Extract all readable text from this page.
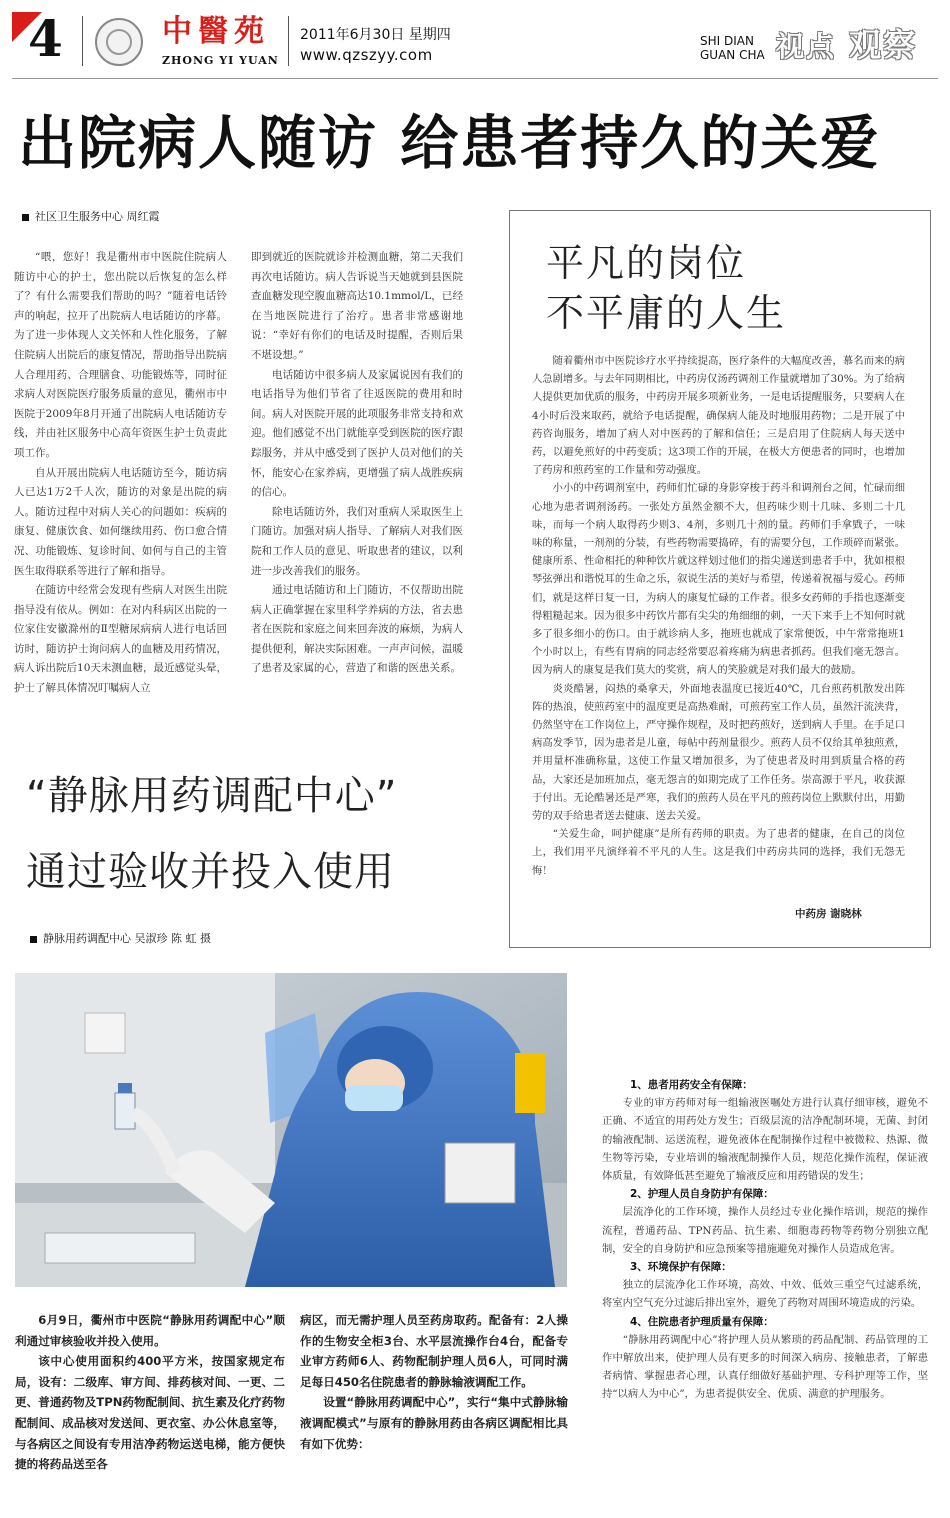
4	中醫苑
ZHONG YI YUAN
2011年6月30日 星期四
www.qzszyy.com
SHI DIAN
GUAN CHA 视点 观察
出院病人随访 给患者持久的关爱
社区卫生服务中心 周红霞

“喂，您好！我是衢州市中医院住院病人随访中心的护士，您出院以后恢复的怎么样了？有什么需要我们帮助的吗？”随着电话铃声的响起，拉开了出院病人电话随访的序幕。为了进一步体现人文关怀和人性化服务，了解住院病人出院后的康复情况，帮助指导出院病人合理用药、合理膳食、功能锻炼等，同时征求病人对医院医疗服务质量的意见，衢州市中医院于2009年8月开通了出院病人电话随访专线，并由社区服务中心高年资医生护士负责此项工作。

自从开展出院病人电话随访至今，随访病人已达1万2千人次，随访的对象是出院的病人。随访过程中对病人关心的问题如：疾病的康复、健康饮食、如何继续用药、伤口愈合情况、功能锻炼、复诊时间、如何与自己的主管医生取得联系等进行了解和指导。

在随访中经常会发现有些病人对医生出院指导没有依从。例如：在对内科病区出院的一位家住安徽滁州的Ⅱ型糖尿病病人进行电话回访时，随访护士询问病人的血糖及用药情况，病人诉出院后10天未测血糖，最近感觉头晕，护士了解具体情况叮嘱病人立

即到就近的医院就诊并检测血糖，第二天我们再次电话随访。病人告诉说当天她就到县医院查血糖发现空腹血糖高达10.1mmol/L，已经在当地医院进行了治疗。患者非常感谢地说：“幸好有你们的电话及时提醒，否则后果不堪设想。”

电话随访中很多病人及家属说因有我们的电话指导为他们节省了往返医院的费用和时间。病人对医院开展的此项服务非常支持和欢迎。他们感觉不出门就能享受到医院的医疗跟踪服务，并从中感受到了医护人员对他们的关怀，能安心在家养病，更增强了病人战胜疾病的信心。

除电话随访外，我们对重病人采取医生上门随访。加强对病人指导、了解病人对我们医院和工作人员的意见、听取患者的建议，以利进一步改善我们的服务。

通过电话随访和上门随访，不仅帮助出院病人正确掌握在家里科学养病的方法，省去患者在医院和家庭之间来回奔波的麻烦，为病人提供便利，解决实际困难。一声声问候，温暖了患者及家属的心，营造了和谐的医患关系。

平凡的岗位
不平庸的人生

随着衢州市中医院诊疗水平持续提高，医疗条件的大幅度改善，慕名而来的病人急剧增多。与去年同期相比，中药房仅汤药调剂工作量就增加了30%。为了给病人提供更加优质的服务，中药房开展多项新业务，一是电话提醒服务，只要病人在4小时后没来取药，就给予电话提醒，确保病人能及时地服用药物；二是开展了中药咨询服务，增加了病人对中医药的了解和信任；三是启用了住院病人每天送中药，以避免煎好的中药变质；这3项工作的开展，在极大方便患者的同时，也增加了药房和煎药室的工作量和劳动强度。

小小的中药调剂室中，药师们忙碌的身影穿梭于药斗和调剂台之间，忙碌而细心地为患者调剂汤药。一张处方虽然金额不大，但药味少则十几味、多则二十几味，而每一个病人取得药少则3、4剂，多则几十剂的量。药师们手拿戥子，一味味的称量，一剂剂的分装，有些药物需要捣碎，有的需要分包，工作琐碎而紧张。健康所系、性命相托的种种饮片就这样划过他们的指尖递送到患者手中，犹如根根琴弦弹出和谐悦耳的生命之乐，叙说生活的美好与希望，传递着祝福与爱心。药师们，就是这样日复一日，为病人的康复忙碌的工作者。很多女药师的手指也逐渐变得粗糙起来。因为很多中药饮片都有尖尖的角细细的刺，一天下来手上不知何时就多了很多细小的伤口。由于就诊病人多，拖班也就成了家常便饭，中午常常拖班1个小时以上，有些有胃病的同志经常要忍着疼痛为病患者抓药。但我们毫无怨言。因为病人的康复是我们莫大的奖赏，病人的笑脸就是对我们最大的鼓励。

炎炎酷暑，闷热的桑拿天，外面地表温度已接近40℃，几台煎药机散发出阵阵的热浪，使煎药室中的温度更是高热难耐，可煎药室工作人员，虽然汗流浃背，仍然坚守在工作岗位上，严守操作规程，及时把药煎好，送到病人手里。在手足口病高发季节，因为患者是儿童，每帖中药剂量很少。煎药人员不仅给其单独煎煮，并用量杯准确称量，这使工作量又增加很多，为了使患者及时用到质量合格的药品，大家还是加班加点，毫无怨言的如期完成了工作任务。崇高源于平凡，收获源于付出。无论酷暑还是严寒，我们的煎药人员在平凡的煎药岗位上默默付出，用勤劳的双手给患者送去健康、送去关爱。

“关爱生命，呵护健康”是所有药师的职责。为了患者的健康，在自己的岗位上，我们用平凡演绎着不平凡的人生。这是我们中药房共同的选择，我们无怨无悔！

中药房 谢晓林
“静脉用药调配中心”
通过验收并投入使用
静脉用药调配中心 吴淑珍 陈 虹 摄

6月9日，衢州市中医院“静脉用药调配中心”顺利通过审核验收并投入使用。

该中心使用面积约400平方米，按国家规定布局，设有：二级库、审方间、排药核对间、一更、二更、普通药物及TPN药物配制间、抗生素及化疗药物配制间、成品核对发送间、更衣室、办公休息室等，与各病区之间设有专用洁净药物运送电梯，能方便快捷的将药品送至各

病区，而无需护理人员至药房取药。配备有：2人操作的生物安全柜3台、水平层流操作台4台，配备专业审方药师6人、药物配制护理人员6人，可同时满足每日450名住院患者的静脉输液调配工作。

设置“静脉用药调配中心”，实行“集中式静脉输液调配模式”与原有的静脉用药由各病区调配相比具有如下优势：

1、患者用药安全有保障：

专业的审方药师对每一组输液医嘱处方进行认真仔细审核，避免不正确、不适宜的用药处方发生；百级层流的洁净配制环境，无菌、封闭的输液配制、运送流程，避免液体在配制操作过程中被微粒、热源、微生物等污染，专业培训的输液配制操作人员，规范化操作流程，保证液体质量，有效降低甚至避免了输液反应和用药错误的发生；

2、护理人员自身防护有保障：

层流净化的工作环境，操作人员经过专业化操作培训，规范的操作流程，普通药品、TPN药品、抗生素、细胞毒药物等药物分别独立配制，安全的自身防护和应急预案等措施避免对操作人员造成危害。

3、环境保护有保障：

独立的层流净化工作环境，高效、中效、低效三重空气过滤系统，将室内空气充分过滤后排出室外，避免了药物对周围环境造成的污染。

4、住院患者护理质量有保障：

“静脉用药调配中心”将护理人员从繁琐的药品配制、药品管理的工作中解放出来，使护理人员有更多的时间深入病房、接触患者，了解患者病情、掌握患者心理，认真仔细做好基础护理、专科护理等工作，坚持“以病人为中心”，为患者提供安全、优质、满意的护理服务。
